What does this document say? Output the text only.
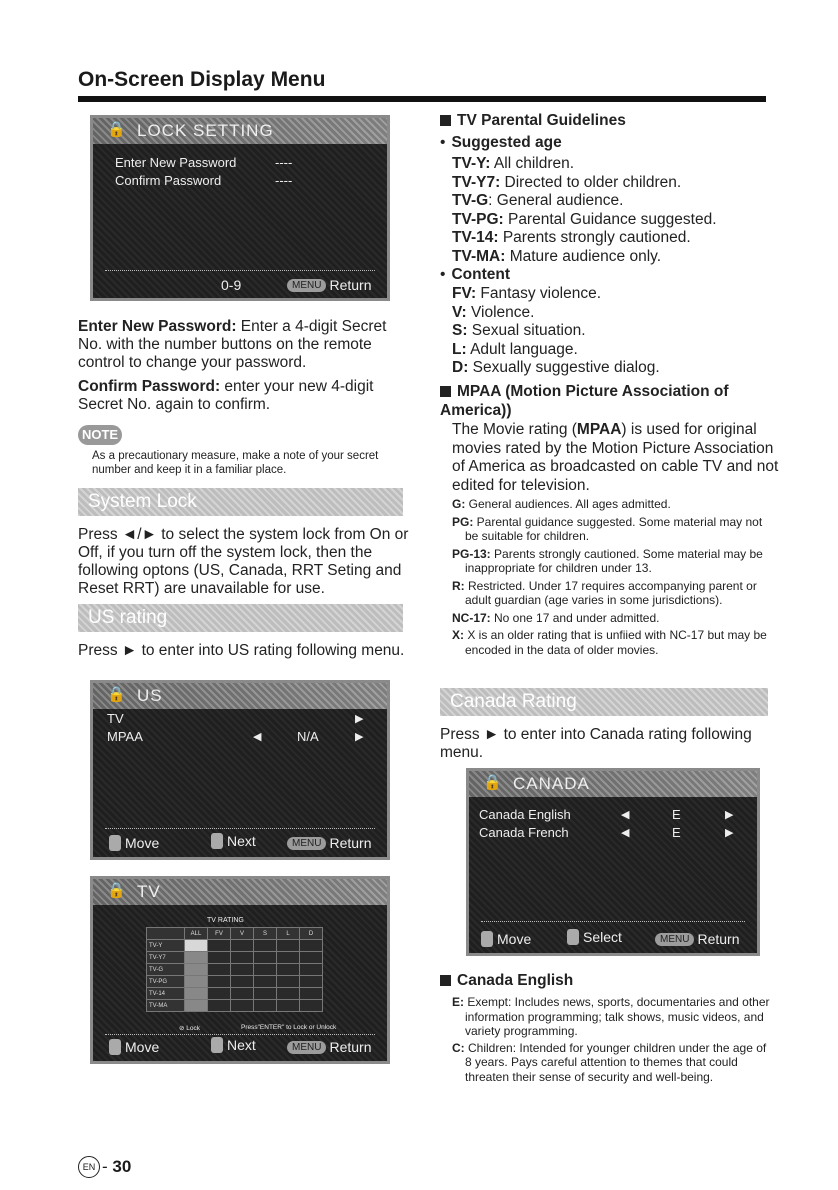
On-Screen Display Menu
🔒 LOCK SETTING
Enter New Password	----
Confirm Password	----
0-9	MENU Return

Enter New Password: Enter a 4-digit Secret No. with the number buttons on the remote control to change your password.

Confirm Password: enter your new 4-digit Secret No. again to confirm.

NOTE
As a precautionary measure, make a note of your secret number and keep it in a familiar place.
System Lock

Press ◄/► to select the system lock from On or Off, if you turn off the system lock, then the following optons (US, Canada, RRT Seting and Reset RRT) are unavailable for use.

US rating

Press ► to enter into US rating following menu.

🔒 US
TV	▶
MPAA	◀	N/A	▶
Move	Next	MENU Return
🔒 TV
TV RATING
	ALL	FV	V	S	L	D
TV-Y						
TV-Y7						
TV-G						
TV-PG						
TV-14						
TV-MA						
⊘ Lock	Press"ENTER" to Lock or Unlock
Move	Next	MENU Return
TV Parental Guidelines
• Suggested age
TV-Y: All children.
TV-Y7: Directed to older children.
TV-G: General audience.
TV-PG: Parental Guidance suggested.
TV-14: Parents strongly cautioned.
TV-MA: Mature audience only.
• Content
FV: Fantasy violence.
V: Violence.
S: Sexual situation.
L: Adult language.
D: Sexually suggestive dialog.
MPAA (Motion Picture Association of America))

The Movie rating (MPAA) is used for original movies rated by the Motion Picture Association of America as broadcasted on cable TV and not edited for television.

G: General audiences. All ages admitted.
PG: Parental guidance suggested. Some material may not be suitable for children.
PG-13: Parents strongly cautioned. Some material may be inappropriate for children under 13.
R: Restricted. Under 17 requires accompanying parent or adult guardian (age varies in some jurisdictions).
NC-17: No one 17 and under admitted.
X: X is an older rating that is unfiied with NC-17 but may be encoded in the data of older movies.
Canada Rating

Press ► to enter into Canada rating following menu.

🔒 CANADA
Canada English	◀	E	▶
Canada French	◀	E	▶
Move	Select	MENU Return
Canada English
E: Exempt: Includes news, sports, documentaries and other information programming; talk shows, music videos, and variety programming.
C: Children: Intended for younger children under the age of 8 years. Pays careful attention to themes that could threaten their sense of security and well-being.
EN - 30
